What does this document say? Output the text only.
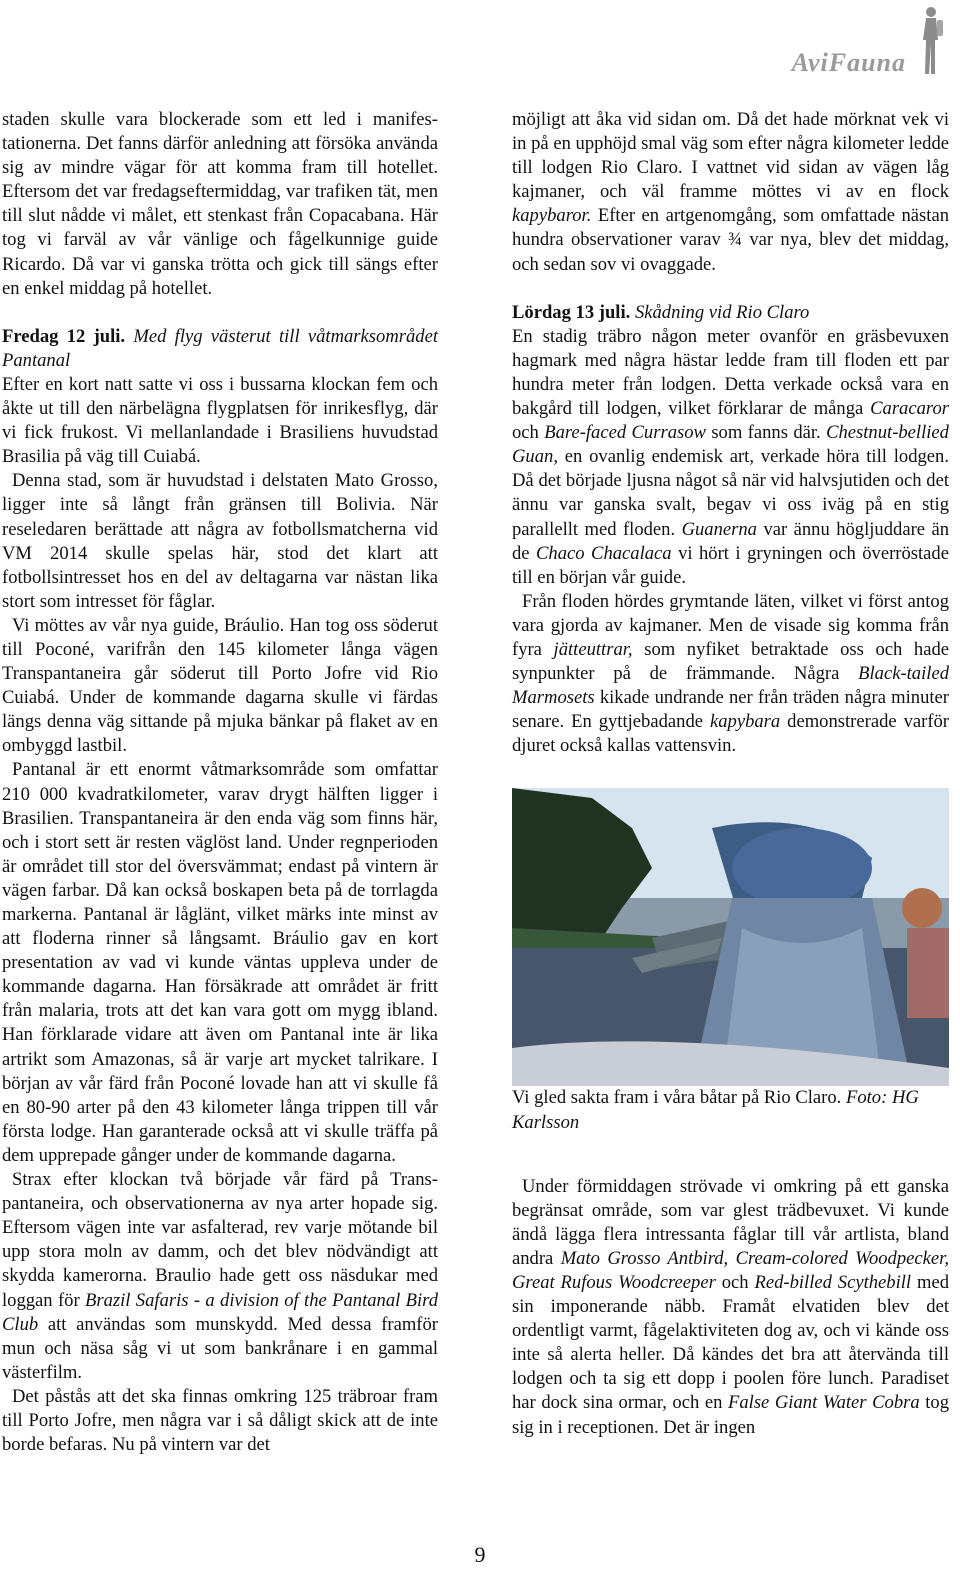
AviFauna

staden skulle vara blockerade som ett led i manifestationerna. Det fanns därför anledning att försöka använda sig av mindre vägar för att komma fram till hotellet. Eftersom det var fredagseftermiddag, var trafiken tät, men till slut nådde vi målet, ett stenkast från Copacabana. Här tog vi farväl av vår vänlige och fågelkunnige guide Ricardo. Då var vi ganska trötta och gick till sängs efter en enkel middag på hotellet.

Fredag 12 juli. Med flyg västerut till våtmarksområdet Pantanal

Efter en kort natt satte vi oss i bussarna klockan fem och åkte ut till den närbelägna flygplatsen för inrikesflyg, där vi fick frukost. Vi mellanlandade i Brasiliens huvudstad Brasilia på väg till Cuiabá.

Denna stad, som är huvudstad i delstaten Mato Grosso, ligger inte så långt från gränsen till Bolivia. När reseledaren berättade att några av fotbollsmatcherna vid VM 2014 skulle spelas här, stod det klart att fotbollsintresset hos en del av deltagarna var nästan lika stort som intresset för fåglar.

Vi möttes av vår nya guide, Bráulio. Han tog oss söderut till Poconé, varifrån den 145 kilometer långa vägen Transpantaneira går söderut till Porto Jofre vid Rio Cuiabá. Under de kommande dagarna skulle vi färdas längs denna väg sittande på mjuka bänkar på flaket av en ombyggd lastbil.

Pantanal är ett enormt våtmarksområde som omfattar 210 000 kvadratkilometer, varav drygt hälften ligger i Brasilien. Transpantaneira är den enda väg som finns här, och i stort sett är resten väglöst land. Under regnperioden är området till stor del översvämmat; endast på vintern är vägen farbar. Då kan också boskapen beta på de torrlagda markerna. Pantanal är låglänt, vilket märks inte minst av att floderna rinner så långsamt. Bráulio gav en kort presentation av vad vi kunde väntas uppleva under de kommande dagarna. Han försäkrade att området är fritt från malaria, trots att det kan vara gott om mygg ibland. Han förklarade vidare att även om Pantanal inte är lika artrikt som Amazonas, så är varje art mycket talrikare. I början av vår färd från Poconé lovade han att vi skulle få en 80-90 arter på den 43 kilometer långa trippen till vår första lodge. Han garanterade också att vi skulle träffa på dem upprepade gånger under de kommande dagarna.

Strax efter klockan två började vår färd på Transpantaneira, och observationerna av nya arter hopade sig. Eftersom vägen inte var asfalterad, rev varje mötande bil upp stora moln av damm, och det blev nödvändigt att skydda kamerorna. Braulio hade gett oss näsdukar med loggan för Brazil Safaris - a division of the Pantanal Bird Club att användas som munskydd. Med dessa framför mun och näsa såg vi ut som bankrånare i en gammal västerfilm.

Det påstås att det ska finnas omkring 125 träbroar fram till Porto Jofre, men några var i så dåligt skick att de inte borde befaras. Nu på vintern var det

möjligt att åka vid sidan om. Då det hade mörknat vek vi in på en upphöjd smal väg som efter några kilometer ledde till lodgen Rio Claro. I vattnet vid sidan av vägen låg kajmaner, och väl framme möttes vi av en flock kapybaror. Efter en artgenomgång, som omfattade nästan hundra observationer varav ¾ var nya, blev det middag, och sedan sov vi ovaggade.

Lördag 13 juli. Skådning vid Rio Claro

En stadig träbro någon meter ovanför en gräsbevuxen hagmark med några hästar ledde fram till floden ett par hundra meter från lodgen. Detta verkade också vara en bakgård till lodgen, vilket förklarar de många Caracaror och Bare-faced Currasow som fanns där. Chestnut-bellied Guan, en ovanlig endemisk art, verkade höra till lodgen. Då det började ljusna något så när vid halvsjutiden och det ännu var ganska svalt, begav vi oss iväg på en stig parallellt med floden. Guanerna var ännu högljuddare än de Chaco Chacalaca vi hört i gryningen och överröstade till en början vår guide.

Från floden hördes grymtande läten, vilket vi först antog vara gjorda av kajmaner. Men de visade sig komma från fyra jätteuttrar, som nyfiket betraktade oss och hade synpunkter på de främmande. Några Black-tailed Marmosets kikade undrande ner från träden några minuter senare. En gyttjebadande kapybara demonstrerade varför djuret också kallas vattensvin.

Vi gled sakta fram i våra båtar på Rio Claro. Foto: HG Karlsson

Under förmiddagen strövade vi omkring på ett ganska begränsat område, som var glest trädbevuxet. Vi kunde ändå lägga flera intressanta fåglar till vår artlista, bland andra Mato Grosso Antbird, Cream-colored Woodpecker, Great Rufous Woodcreeper och Red-billed Scythebill med sin imponerande näbb. Framåt elvatiden blev det ordentligt varmt, fågelaktiviteten dog av, och vi kände oss inte så alerta heller. Då kändes det bra att återvända till lodgen och ta sig ett dopp i poolen före lunch. Paradiset har dock sina ormar, och en False Giant Water Cobra tog sig in i receptionen. Det är ingen

9
